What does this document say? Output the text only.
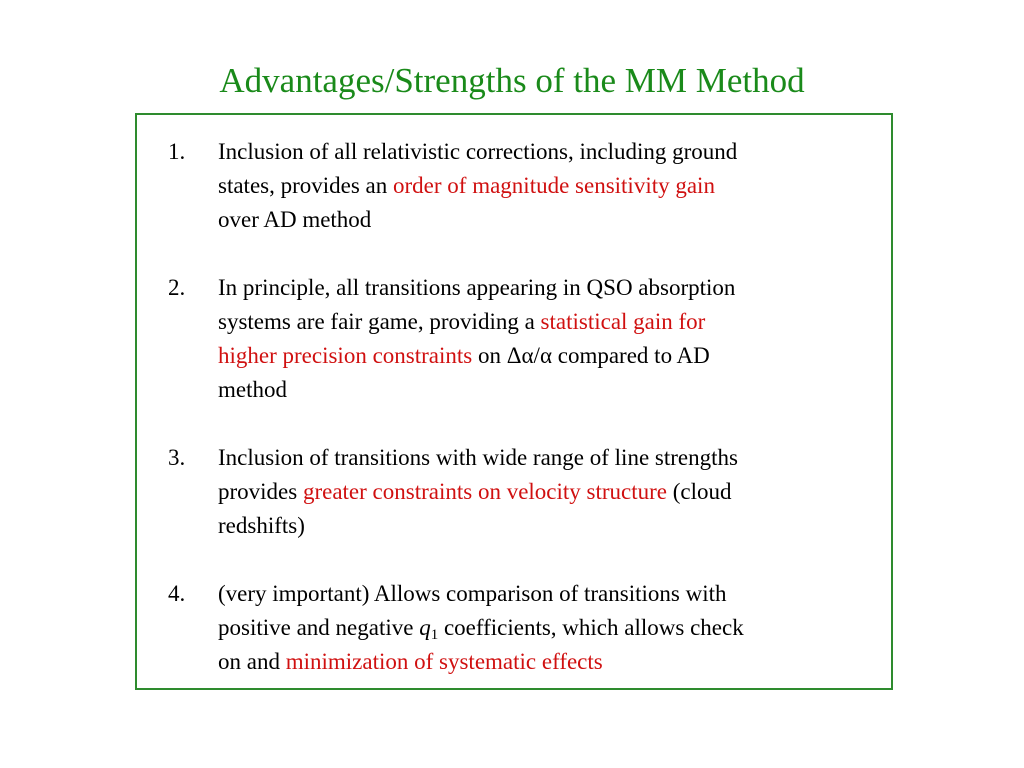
Advantages/Strengths of the MM Method
1. Inclusion of all relativistic corrections, including ground
states, provides an order of magnitude sensitivity gain
over AD method
2. In principle, all transitions appearing in QSO absorption
systems are fair game, providing a statistical gain for
higher precision constraints on Δα/α compared to AD
method
3. Inclusion of transitions with wide range of line strengths
provides greater constraints on velocity structure (cloud
redshifts)
4. (very important) Allows comparison of transitions with
positive and negative $q_1$ coefficients, which allows check
on and minimization of systematic effects
